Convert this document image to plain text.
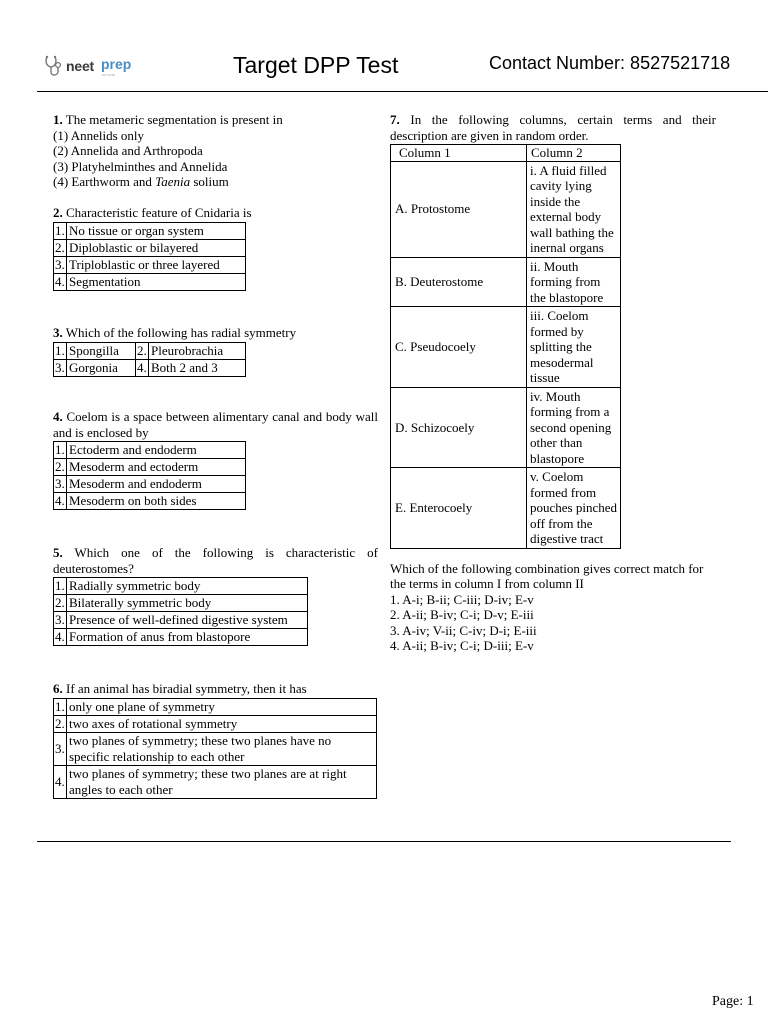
neet prep
ne.com	Target DPP Test	Contact Number: 8527521718

1. The metameric segmentation is present in

(1) Annelids only

(2) Annelida and Arthropoda

(3) Platyhelminthes and Annelida

(4) Earthworm and Taenia solium

2. Characteristic feature of Cnidaria is

1.	No tissue or organ system
2.	Diploblastic or bilayered
3.	Triploblastic or three layered
4.	Segmentation

3. Which of the following has radial symmetry

1.	Spongilla	2.	Pleurobrachia
3.	Gorgonia	4.	Both 2 and 3

4. Coelom is a space between alimentary canal and body wall and is enclosed by

1.	Ectoderm and endoderm
2.	Mesoderm and ectoderm
3.	Mesoderm and endoderm
4.	Mesoderm on both sides

5. Which one of the following is characteristic of deuterostomes?

1.	Radially symmetric body
2.	Bilaterally symmetric body
3.	Presence of well-defined digestive system
4.	Formation of anus from blastopore

6. If an animal has biradial symmetry, then it has

1.	only one plane of symmetry
2.	two axes of rotational symmetry
3.	two planes of symmetry; these two planes have no specific relationship to each other
4.	two planes of symmetry; these two planes are at right angles to each other

7. In the following columns, certain terms and their description are given in random order.

Column 1	Column 2
A. Protostome	i. A fluid filled cavity lying inside the external body wall bathing the inernal organs
B. Deuterostome	ii. Mouth forming from the blastopore
C. Pseudocoely	iii. Coelom formed by splitting the mesodermal tissue
D. Schizocoely	iv. Mouth forming from a second opening other than blastopore
E. Enterocoely	v. Coelom formed from pouches pinched off from the digestive tract

Which of the following combination gives correct match for the terms in column I from column II

1. A-i; B-ii; C-iii; D-iv; E-v

2. A-ii; B-iv; C-i; D-v; E-iii

3. A-iv; V-ii; C-iv; D-i; E-iii

4. A-ii; B-iv; C-i; D-iii; E-v

Page: 1
